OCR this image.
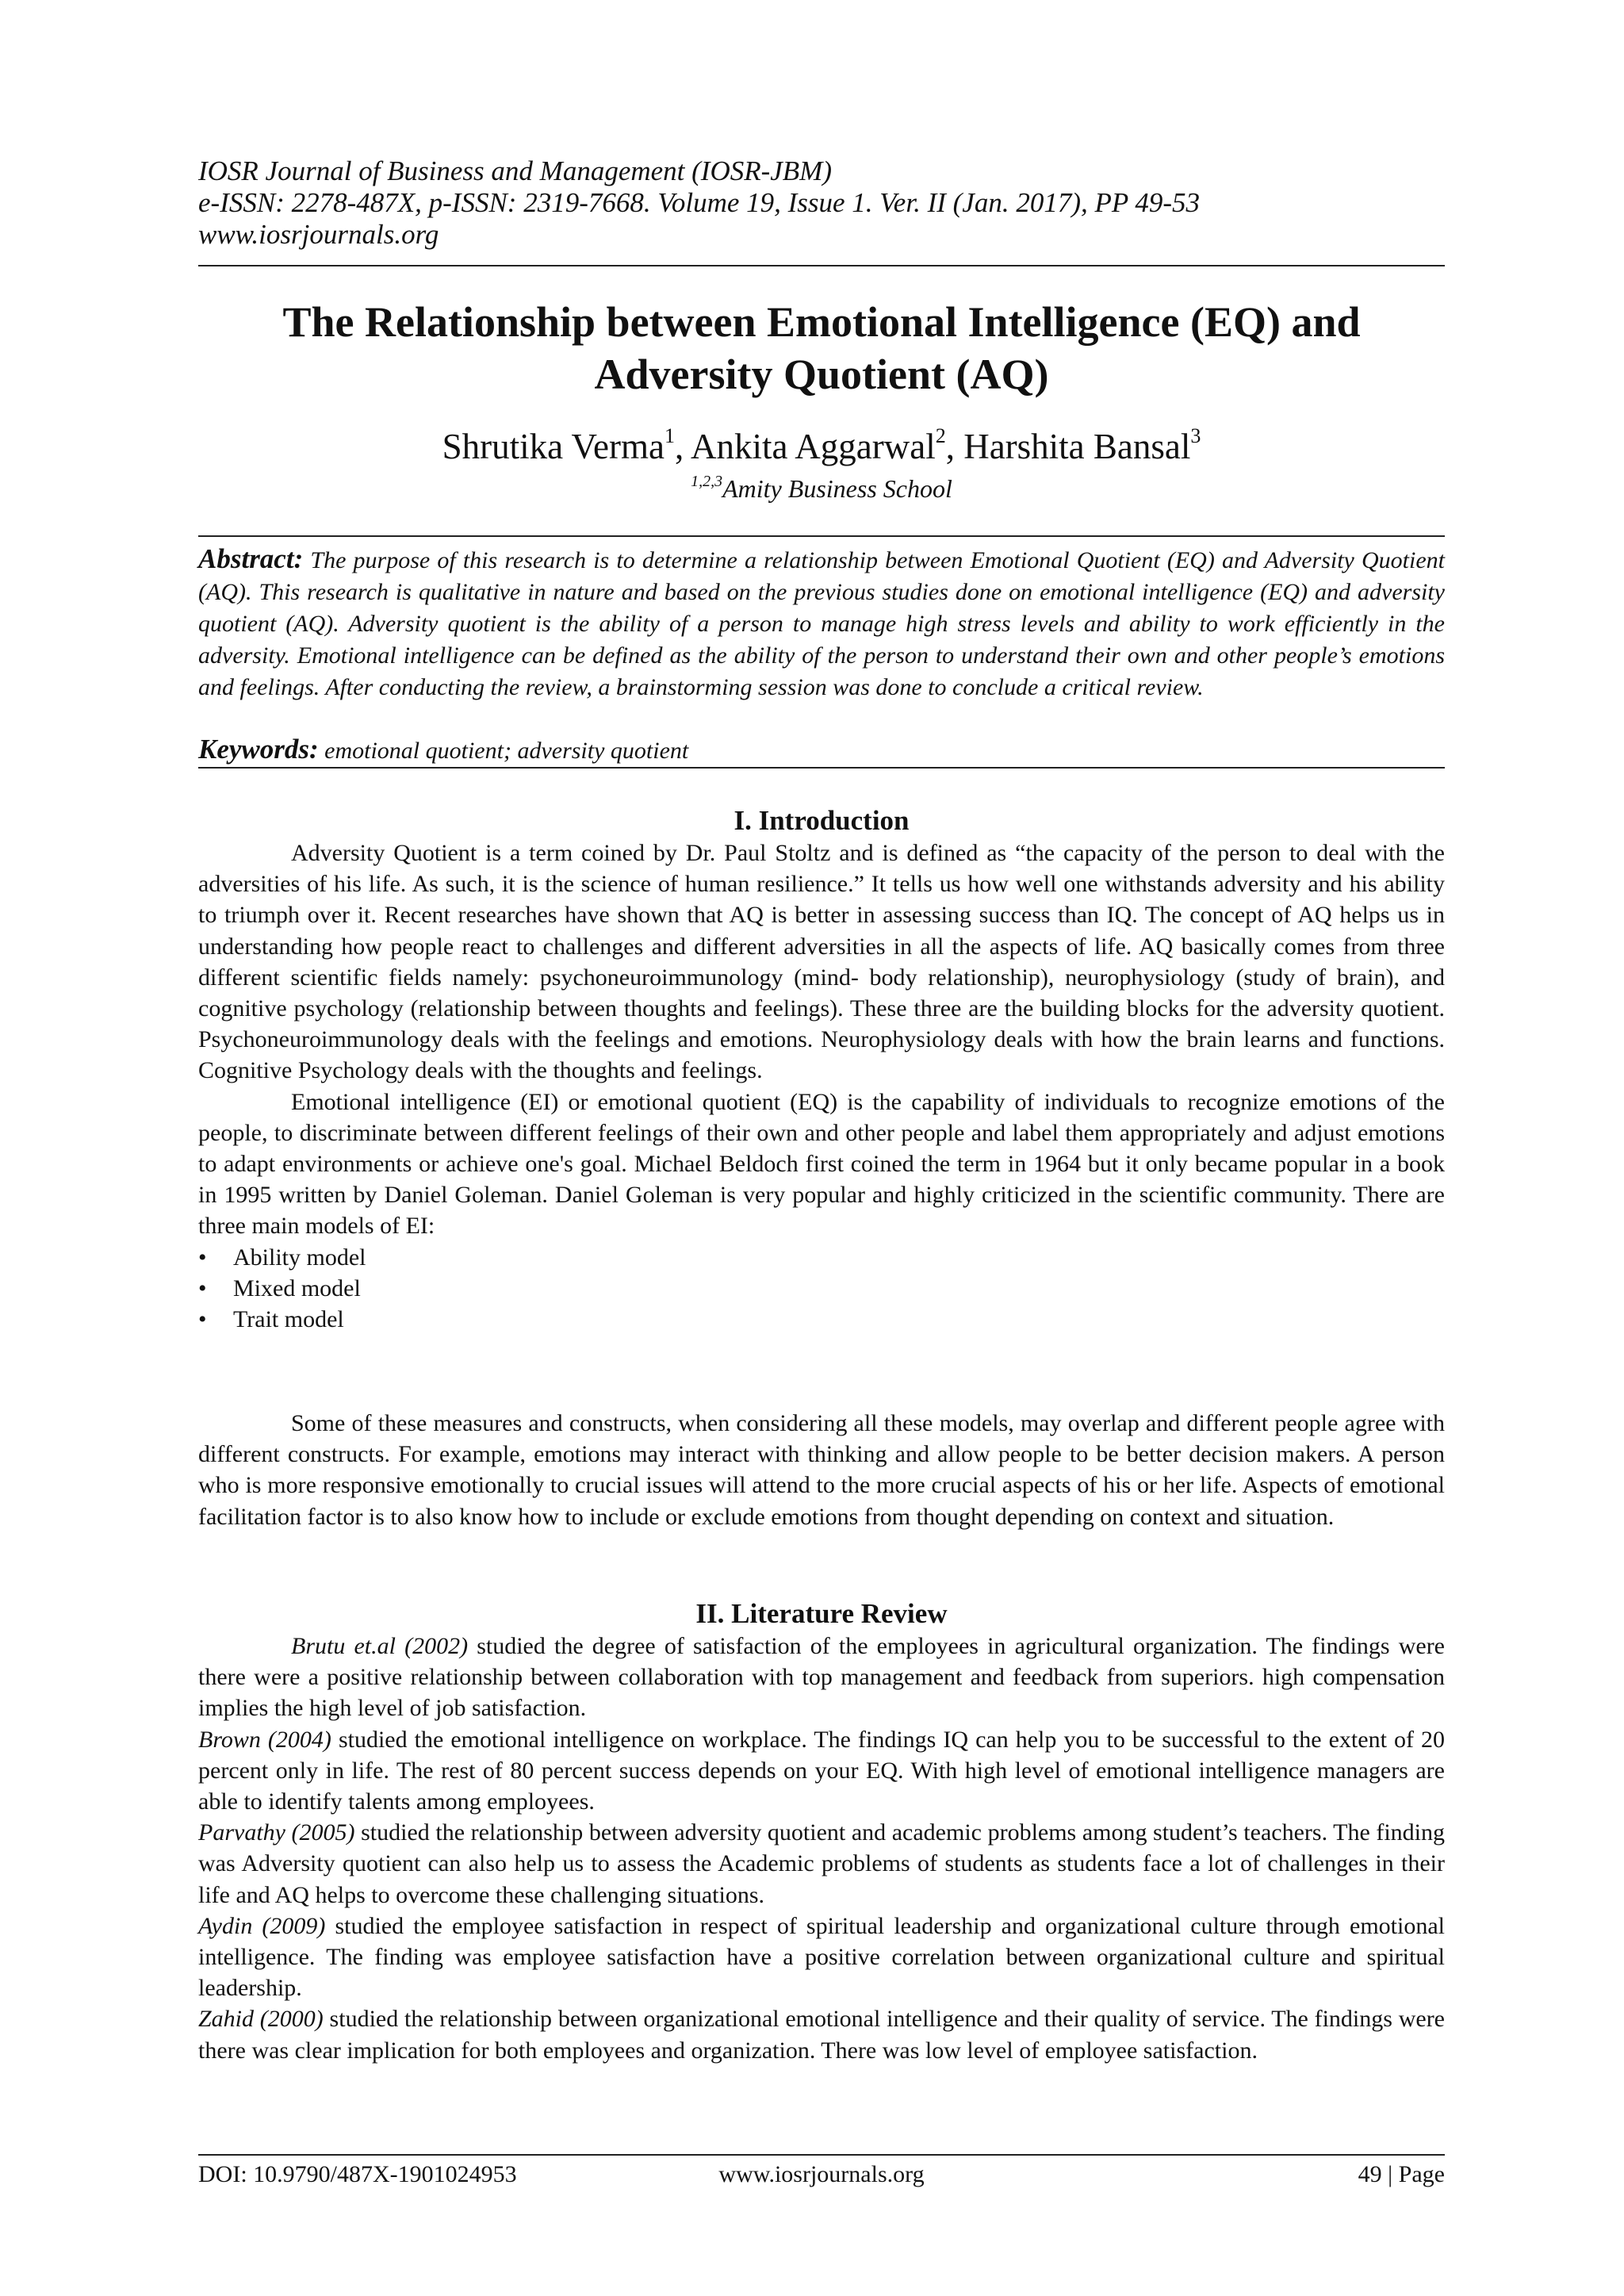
IOSR Journal of Business and Management (IOSR-JBM)
e-ISSN: 2278-487X, p-ISSN: 2319-7668. Volume 19, Issue 1. Ver. II (Jan. 2017), PP 49-53
www.iosrjournals.org
The Relationship between Emotional Intelligence (EQ) and
Adversity Quotient (AQ)
Shrutika Verma$^1$, Ankita Aggarwal$^2$, Harshita Bansal$^3$
$^{1,2,3}$Amity Business School
Abstract: The purpose of this research is to determine a relationship between Emotional Quotient (EQ) and Adversity Quotient (AQ). This research is qualitative in nature and based on the previous studies done on emotional intelligence (EQ) and adversity quotient (AQ). Adversity quotient is the ability of a person to manage high stress levels and ability to work efficiently in the adversity. Emotional intelligence can be defined as the ability of the person to understand their own and other people’s emotions and feelings. After conducting the review, a brainstorming session was done to conclude a critical review.
Keywords: emotional quotient; adversity quotient
I. Introduction

Adversity Quotient is a term coined by Dr. Paul Stoltz and is defined as “the capacity of the person to deal with the adversities of his life. As such, it is the science of human resilience.” It tells us how well one withstands adversity and his ability to triumph over it. Recent researches have shown that AQ is better in assessing success than IQ. The concept of AQ helps us in understanding how people react to challenges and different adversities in all the aspects of life. AQ basically comes from three different scientific fields namely: psychoneuroimmunology (mind- body relationship), neurophysiology (study of brain), and cognitive psychology (relationship between thoughts and feelings). These three are the building blocks for the adversity quotient. Psychoneuroimmunology deals with the feelings and emotions. Neurophysiology deals with how the brain learns and functions. Cognitive Psychology deals with the thoughts and feelings.

Emotional intelligence (EI) or emotional quotient (EQ) is the capability of individuals to recognize emotions of the people, to discriminate between different feelings of their own and other people and label them appropriately and adjust emotions to adapt environments or achieve one's goal. Michael Beldoch first coined the term in 1964 but it only became popular in a book in 1995 written by Daniel Goleman. Daniel Goleman is very popular and highly criticized in the scientific community. There are three main models of EI:

• Ability model
• Mixed model
• Trait model

Some of these measures and constructs, when considering all these models, may overlap and different people agree with different constructs. For example, emotions may interact with thinking and allow people to be better decision makers. A person who is more responsive emotionally to crucial issues will attend to the more crucial aspects of his or her life. Aspects of emotional facilitation factor is to also know how to include or exclude emotions from thought depending on context and situation.

II. Literature Review

Brutu et.al (2002) studied the degree of satisfaction of the employees in agricultural organization. The findings were there were a positive relationship between collaboration with top management and feedback from superiors. high compensation implies the high level of job satisfaction.

Brown (2004) studied the emotional intelligence on workplace. The findings IQ can help you to be successful to the extent of 20 percent only in life. The rest of 80 percent success depends on your EQ. With high level of emotional intelligence managers are able to identify talents among employees.

Parvathy (2005) studied the relationship between adversity quotient and academic problems among student’s teachers. The finding was Adversity quotient can also help us to assess the Academic problems of students as students face a lot of challenges in their life and AQ helps to overcome these challenging situations.

Aydin (2009) studied the employee satisfaction in respect of spiritual leadership and organizational culture through emotional intelligence. The finding was employee satisfaction have a positive correlation between organizational culture and spiritual leadership.

Zahid (2000) studied the relationship between organizational emotional intelligence and their quality of service. The findings were there was clear implication for both employees and organization. There was low level of employee satisfaction.

DOI: 10.9790/487X-1901024953	www.iosrjournals.org	49 | Page
